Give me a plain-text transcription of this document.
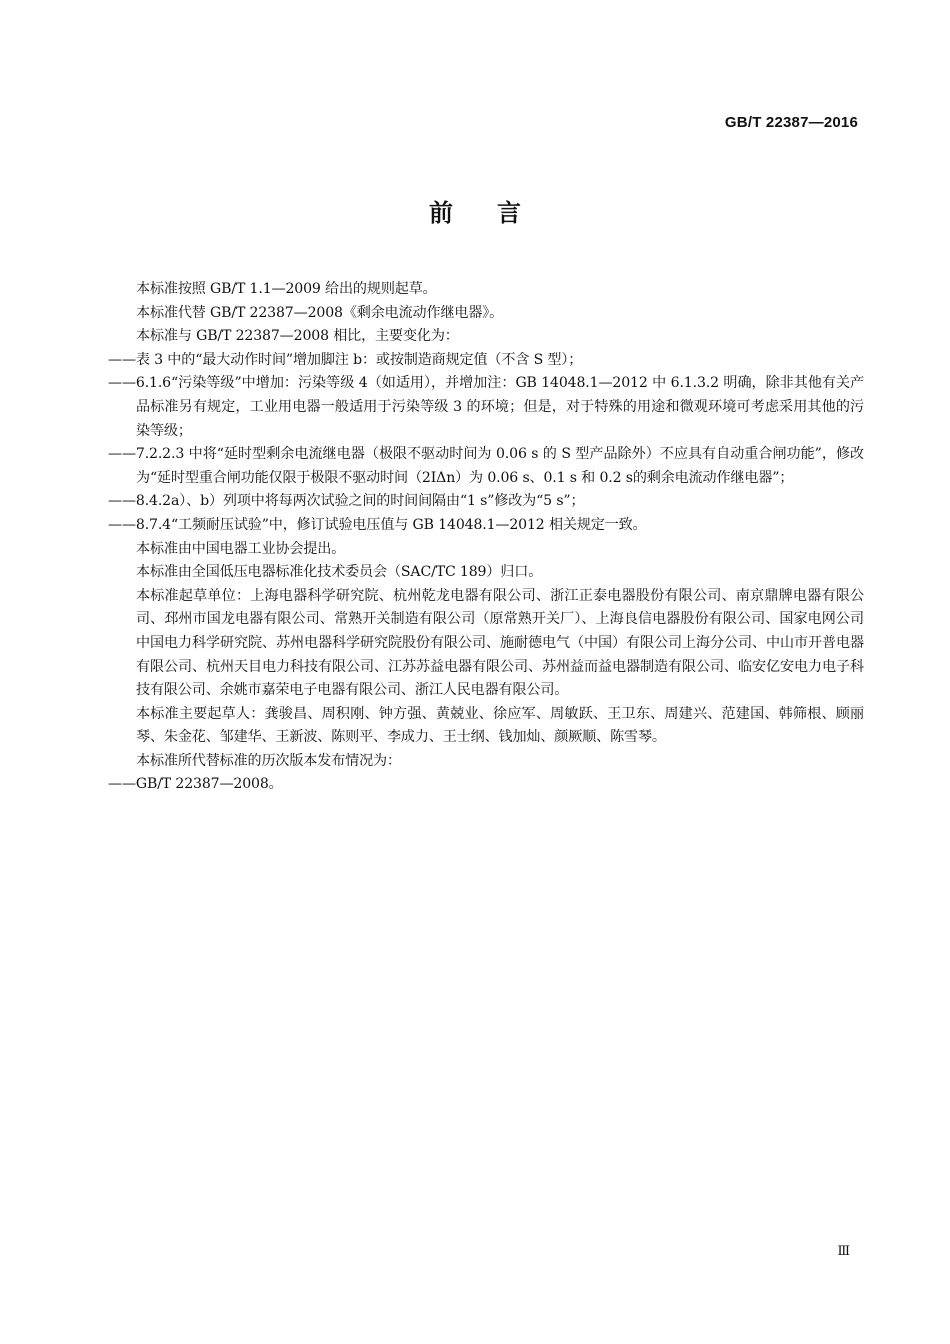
GB/T 22387—2016
前言

本标准按照 GB/T 1.1—2009 给出的规则起草。

本标准代替 GB/T 22387—2008《剩余电流动作继电器》。

本标准与 GB/T 22387—2008 相比，主要变化为：

——表 3 中的“最大动作时间”增加脚注 b：或按制造商规定值（不含 S 型）；

——6.1.6“污染等级”中增加：污染等级 4（如适用），并增加注：GB 14048.1—2012 中 6.1.3.2 明确，除非其他有关产品标准另有规定，工业用电器一般适用于污染等级 3 的环境；但是，对于特殊的用途和微观环境可考虑采用其他的污染等级；

——7.2.2.3 中将“延时型剩余电流继电器（极限不驱动时间为 0.06 s 的 S 型产品除外）不应具有自动重合闸功能”，修改为“延时型重合闸功能仅限于极限不驱动时间（2IΔn）为 0.06 s、0.1 s 和 0.2 s的剩余电流动作继电器”；

——8.4.2a）、b）列项中将每两次试验之间的时间间隔由“1 s”修改为“5 s”；

——8.7.4“工频耐压试验”中，修订试验电压值与 GB 14048.1—2012 相关规定一致。

本标准由中国电器工业协会提出。

本标准由全国低压电器标准化技术委员会（SAC/TC 189）归口。

本标准起草单位：上海电器科学研究院、杭州乾龙电器有限公司、浙江正泰电器股份有限公司、南京鼎牌电器有限公司、邳州市国龙电器有限公司、常熟开关制造有限公司（原常熟开关厂）、上海良信电器股份有限公司、国家电网公司中国电力科学研究院、苏州电器科学研究院股份有限公司、施耐德电气（中国）有限公司上海分公司、中山市开普电器有限公司、杭州天目电力科技有限公司、江苏苏益电器有限公司、苏州益而益电器制造有限公司、临安亿安电力电子科技有限公司、余姚市嘉荣电子电器有限公司、浙江人民电器有限公司。

本标准主要起草人：龚骏昌、周积刚、钟方强、黄兢业、徐应军、周敏跃、王卫东、周建兴、范建国、韩筛根、顾丽琴、朱金花、邹建华、王新波、陈则平、李成力、王士纲、钱加灿、颜厥顺、陈雪琴。

本标准所代替标准的历次版本发布情况为：

——GB/T 22387—2008。

Ⅲ
